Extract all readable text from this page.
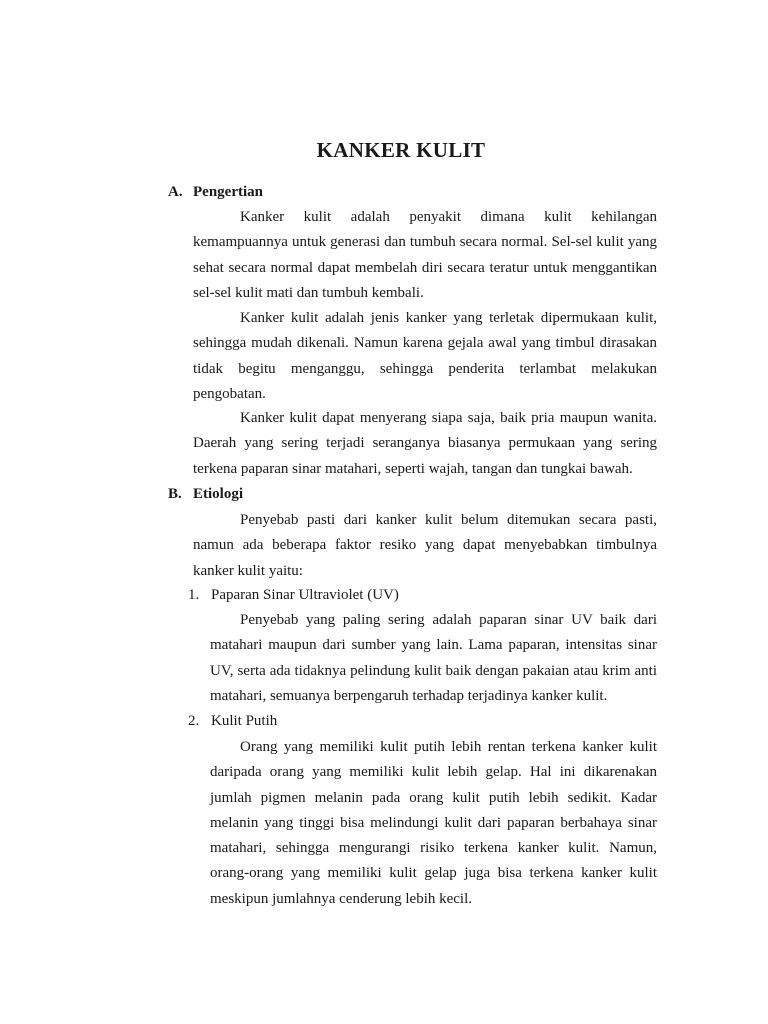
KANKER KULIT
A. Pengertian

Kanker kulit adalah penyakit dimana kulit kehilangan kemampuannya untuk generasi dan tumbuh secara normal. Sel-sel kulit yang sehat secara normal dapat membelah diri secara teratur untuk menggantikan sel-sel kulit mati dan tumbuh kembali.

Kanker kulit adalah jenis kanker yang terletak dipermukaan kulit, sehingga mudah dikenali. Namun karena gejala awal yang timbul dirasakan tidak begitu menganggu, sehingga penderita terlambat melakukan pengobatan.

Kanker kulit dapat menyerang siapa saja, baik pria maupun wanita. Daerah yang sering terjadi seranganya biasanya permukaan yang sering terkena paparan sinar matahari, seperti wajah, tangan dan tungkai bawah.

B. Etiologi

Penyebab pasti dari kanker kulit belum ditemukan secara pasti, namun ada beberapa faktor resiko yang dapat menyebabkan timbulnya kanker kulit yaitu:

1. Paparan Sinar Ultraviolet (UV)

Penyebab yang paling sering adalah paparan sinar UV baik dari matahari maupun dari sumber yang lain. Lama paparan, intensitas sinar UV, serta ada tidaknya pelindung kulit baik dengan pakaian atau krim anti matahari, semuanya berpengaruh terhadap terjadinya kanker kulit.

2. Kulit Putih

Orang yang memiliki kulit putih lebih rentan terkena kanker kulit daripada orang yang memiliki kulit lebih gelap. Hal ini dikarenakan jumlah pigmen melanin pada orang kulit putih lebih sedikit. Kadar melanin yang tinggi bisa melindungi kulit dari paparan berbahaya sinar matahari, sehingga mengurangi risiko terkena kanker kulit. Namun, orang-orang yang memiliki kulit gelap juga bisa terkena kanker kulit meskipun jumlahnya cenderung lebih kecil.
